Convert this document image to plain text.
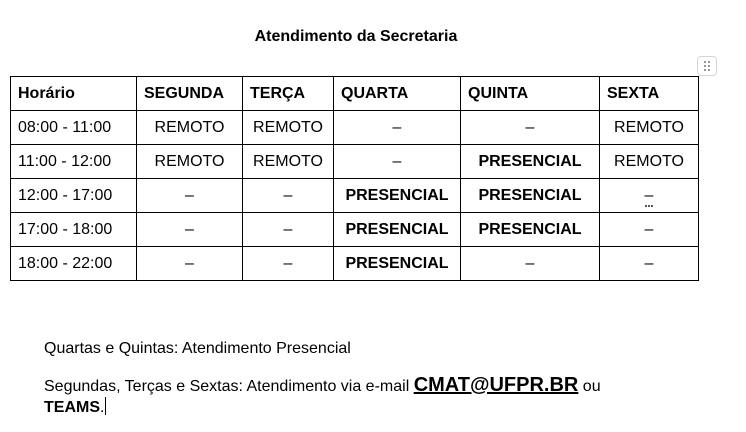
Atendimento da Secretaria
Horário	SEGUNDA	TERÇA	QUARTA	QUINTA	SEXTA
08:00 - 11:00	REMOTO	REMOTO	–	–	REMOTO
11:00 - 12:00	REMOTO	REMOTO	–	PRESENCIAL	REMOTO
12:00 - 17:00	–	–	PRESENCIAL	PRESENCIAL	–
17:00 - 18:00	–	–	PRESENCIAL	PRESENCIAL	–
18:00 - 22:00	–	–	PRESENCIAL	–	–
Quartas e Quintas: Atendimento Presencial
Segundas, Terças e Sextas: Atendimento via e-mail CMAT@UFPR.BR ou
TEAMS.
